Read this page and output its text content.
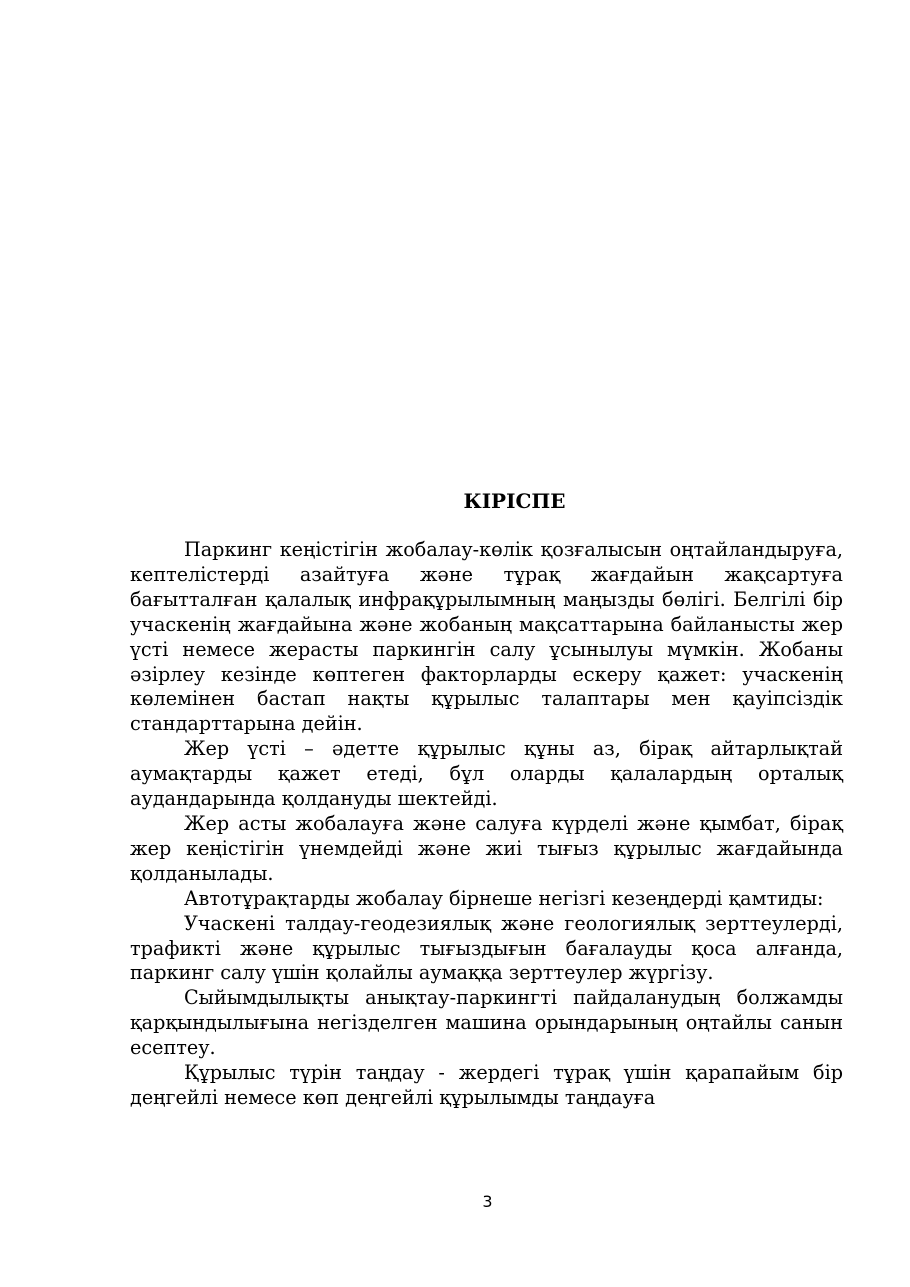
КІРІСПЕ

Паркинг кеңістігін жобалау-көлік қозғалысын оңтайландыруға, кептелістерді азайтуға және тұрақ жағдайын жақсартуға бағытталған қалалық инфрақұрылымның маңызды бөлігі. Белгілі бір учаскенің жағдайына және жобаның мақсаттарына байланысты жер үсті немесе жерасты паркингін салу ұсынылуы мүмкін. Жобаны әзірлеу кезінде көптеген факторларды ескеру қажет: учаскенің көлемінен бастап нақты құрылыс талаптары мен қауіпсіздік стандарттарына дейін.

Жер үсті – әдетте құрылыс құны аз, бірақ айтарлықтай аумақтарды қажет етеді, бұл оларды қалалардың орталық аудандарында қолдануды шектейді.

Жер асты жобалауға және салуға күрделі және қымбат, бірақ жер кеңістігін үнемдейді және жиі тығыз құрылыс жағдайында қолданылады.

Автотұрақтарды жобалау бірнеше негізгі кезеңдерді қамтиды:

Учаскені талдау-геодезиялық және геологиялық зерттеулерді, трафикті және құрылыс тығыздығын бағалауды қоса алғанда, паркинг салу үшін қолайлы аумаққа зерттеулер жүргізу.

Сыйымдылықты анықтау-паркингті пайдаланудың болжамды қарқындылығына негізделген машина орындарының оңтайлы санын есептеу.

Құрылыс түрін таңдау - жердегі тұрақ үшін қарапайым бір деңгейлі немесе көп деңгейлі құрылымды таңдауға

3
